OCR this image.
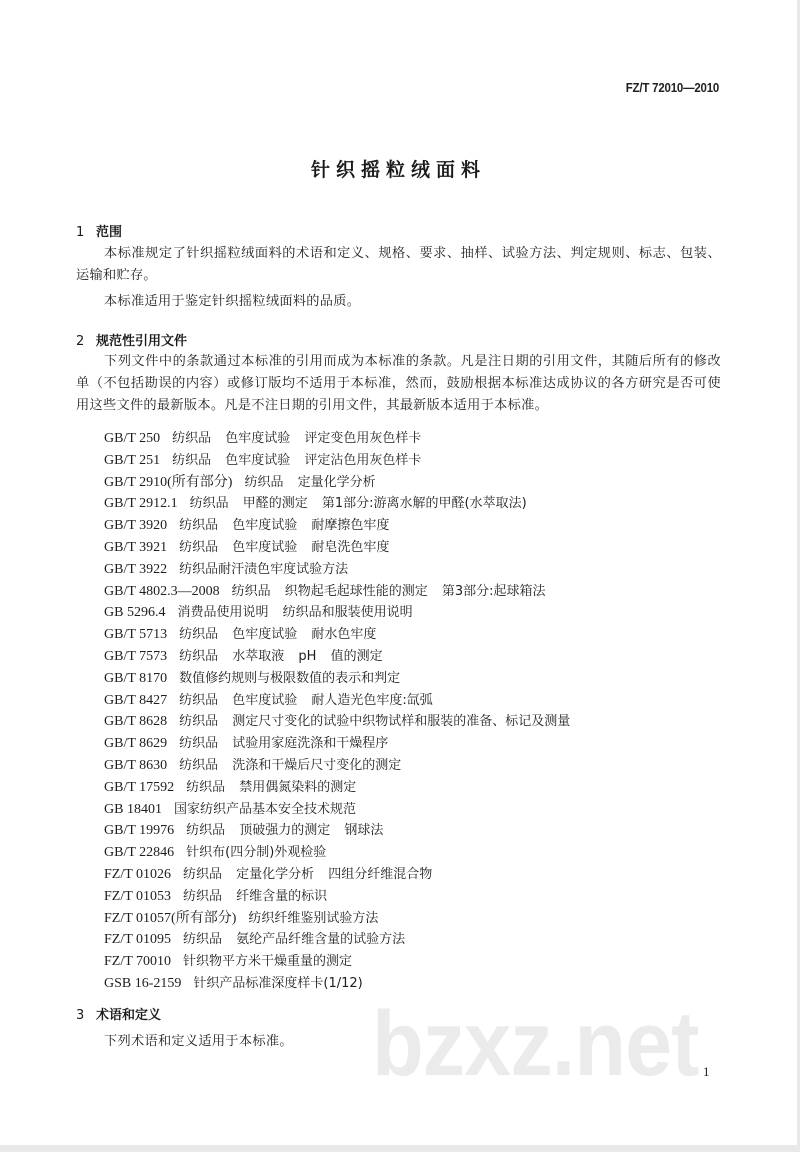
bzxz.net
FZ/T 72010—2010
针织摇粒绒面料
1 范围

本标准规定了针织摇粒绒面料的术语和定义、规格、要求、抽样、试验方法、判定规则、标志、包装、运输和贮存。

本标准适用于鉴定针织摇粒绒面料的品质。

2 规范性引用文件

下列文件中的条款通过本标准的引用而成为本标准的条款。凡是注日期的引用文件，其随后所有的修改单（不包括勘误的内容）或修订版均不适用于本标准，然而，鼓励根据本标准达成协议的各方研究是否可使用这些文件的最新版本。凡是不注日期的引用文件，其最新版本适用于本标准。

GB/T 250 纺织品 色牢度试验 评定变色用灰色样卡
GB/T 251 纺织品 色牢度试验 评定沾色用灰色样卡
GB/T 2910(所有部分) 纺织品 定量化学分析
GB/T 2912.1 纺织品 甲醛的测定 第1部分:游离水解的甲醛(水萃取法)
GB/T 3920 纺织品 色牢度试验 耐摩擦色牢度
GB/T 3921 纺织品 色牢度试验 耐皂洗色牢度
GB/T 3922 纺织品耐汗渍色牢度试验方法
GB/T 4802.3—2008 纺织品 织物起毛起球性能的测定 第3部分:起球箱法
GB 5296.4 消费品使用说明 纺织品和服装使用说明
GB/T 5713 纺织品 色牢度试验 耐水色牢度
GB/T 7573 纺织品 水萃取液 pH 值的测定
GB/T 8170 数值修约规则与极限数值的表示和判定
GB/T 8427 纺织品 色牢度试验 耐人造光色牢度:氙弧
GB/T 8628 纺织品 测定尺寸变化的试验中织物试样和服装的准备、标记及测量
GB/T 8629 纺织品 试验用家庭洗涤和干燥程序
GB/T 8630 纺织品 洗涤和干燥后尺寸变化的测定
GB/T 17592 纺织品 禁用偶氮染料的测定
GB 18401 国家纺织产品基本安全技术规范
GB/T 19976 纺织品 顶破强力的测定 钢球法
GB/T 22846 针织布(四分制)外观检验
FZ/T 01026 纺织品 定量化学分析 四组分纤维混合物
FZ/T 01053 纺织品 纤维含量的标识
FZ/T 01057(所有部分) 纺织纤维鉴别试验方法
FZ/T 01095 纺织品 氨纶产品纤维含量的试验方法
FZ/T 70010 针织物平方米干燥重量的测定
GSB 16-2159 针织产品标准深度样卡(1/12)
3 术语和定义

下列术语和定义适用于本标准。

1
